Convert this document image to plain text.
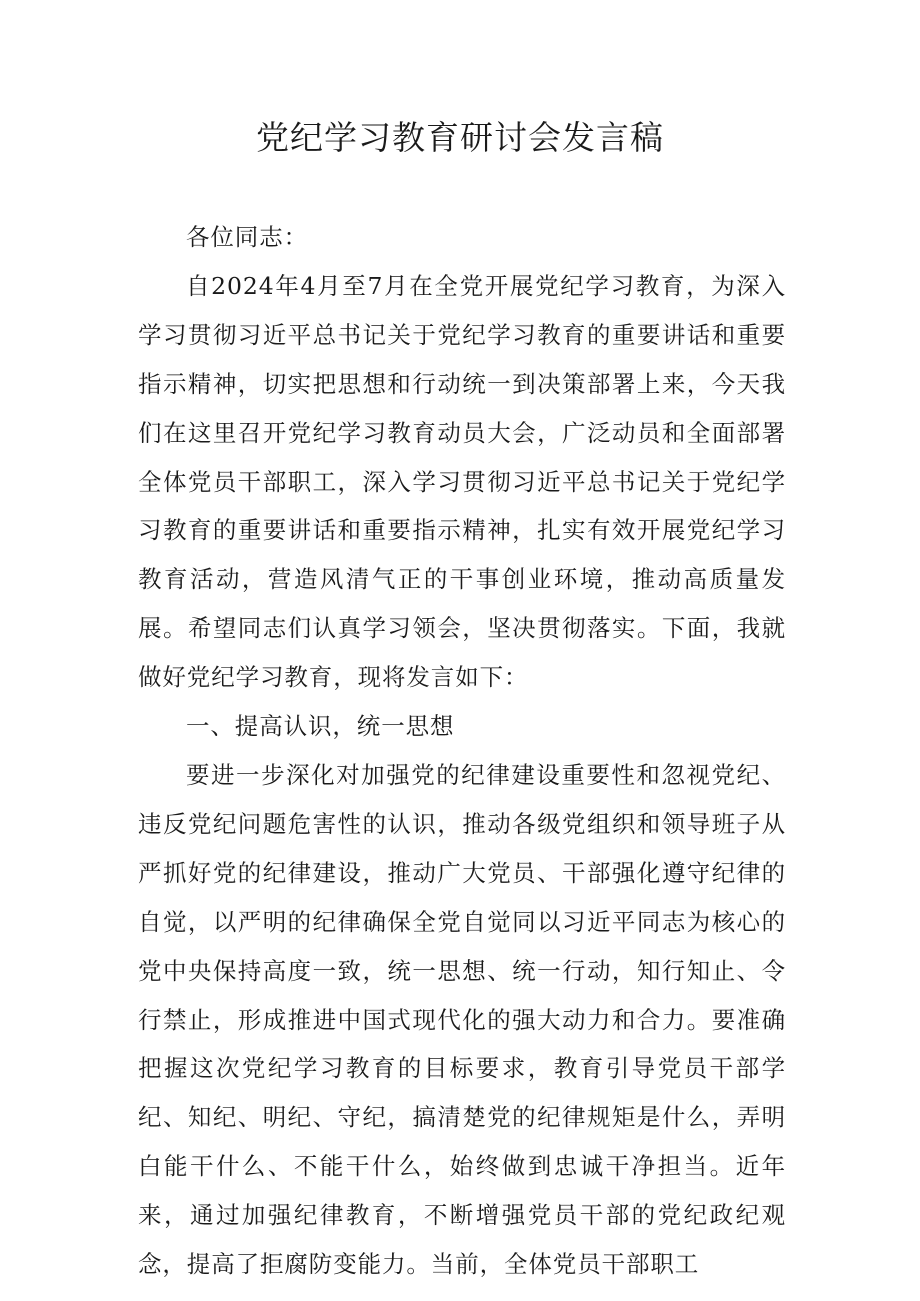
党纪学习教育研讨会发言稿

各位同志：

自2024年4月至7月在全党开展党纪学习教育，为深入学习贯彻习近平总书记关于党纪学习教育的重要讲话和重要指示精神，切实把思想和行动统一到决策部署上来，今天我们在这里召开党纪学习教育动员大会，广泛动员和全面部署全体党员干部职工，深入学习贯彻习近平总书记关于党纪学习教育的重要讲话和重要指示精神，扎实有效开展党纪学习教育活动，营造风清气正的干事创业环境，推动高质量发展。希望同志们认真学习领会，坚决贯彻落实。下面，我就做好党纪学习教育，现将发言如下：

一、提高认识，统一思想

要进一步深化对加强党的纪律建设重要性和忽视党纪、违反党纪问题危害性的认识，推动各级党组织和领导班子从严抓好党的纪律建设，推动广大党员、干部强化遵守纪律的自觉，以严明的纪律确保全党自觉同以习近平同志为核心的党中央保持高度一致，统一思想、统一行动，知行知止、令行禁止，形成推进中国式现代化的强大动力和合力。要准确把握这次党纪学习教育的目标要求，教育引导党员干部学纪、知纪、明纪、守纪，搞清楚党的纪律规矩是什么，弄明白能干什么、不能干什么，始终做到忠诚干净担当。近年来，通过加强纪律教育，不断增强党员干部的党纪政纪观念，提高了拒腐防变能力。当前，全体党员干部职工
